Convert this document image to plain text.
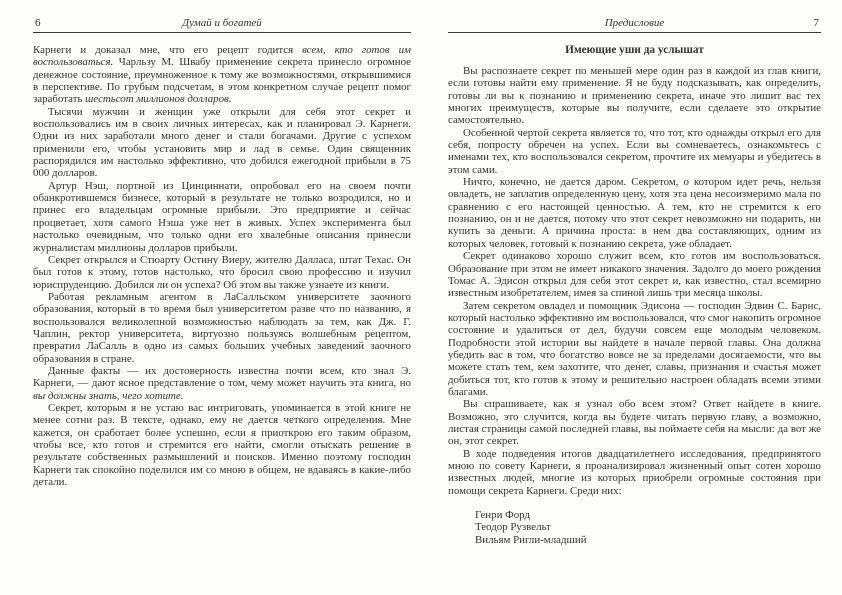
6	Думай и богатей

Карнеги и доказал мне, что его рецепт годится всем, кто готов им воспользоваться. Чарльзу М. Швабу применение секрета принесло огромное денежное состояние, преумноженное к тому же возможностями, открывшимися в перспективе. По грубым подсчетам, в этом конкретном случае рецепт помог заработать шестьсот миллионов долларов.

Тысячи мужчин и женщин уже открыли для себя этот секрет и воспользовались им в своих личных интересах, как и планировал Э. Карнеги. Одни из них заработали много денег и стали богачами. Другие с успехом применили его, чтобы установить мир и лад в семье. Один священник распорядился им настолько эффективно, что добился ежегодной прибыли в 75 000 долларов.

Артур Нэш, портной из Цинциннати, опробовал его на своем почти обанкротившемся бизнесе, который в результате не только возродился, но и принес его владельцам огромные прибыли. Это предприятие и сейчас процветает, хотя самого Нэша уже нет в живых. Успех эксперимента был настолько очевидным, что только одни его хвалебные описания принесли журналистам миллионы долларов прибыли.

Секрет открылся и Стюарту Остину Виеру, жителю Далласа, штат Техас. Он был готов к этому, готов настолько, что бросил свою профессию и изучил юриспруденцию. Добился ли он успеха? Об этом вы также узнаете из книги.

Работая рекламным агентом в ЛаСалльском университете заочного образования, который в то время был университетом разве что по названию, я воспользовался великолепной возможностью наблюдать за тем, как Дж. Г. Чаплин, ректор университета, виртуозно пользуясь волшебным рецептом, превратил ЛаСалль в одно из самых больших учебных заведений заочного образования в стране.

Данные факты — их достоверность известна почти всем, кто знал Э. Карнеги, — дают ясное представление о том, чему может научить эта книга, но вы должны знать, чего хотите.

Секрет, которым я не устаю вас интриговать, упоминается в этой книге не менее сотни раз. В тексте, однако, ему не дается четкого определения. Мне кажется, он сработает более успешно, если я приоткрою его таким образом, чтобы все, кто готов и стремится его найти, смогли отыскать решение в результате собственных размышлений и поисков. Именно поэтому господин Карнеги так спокойно поделился им со мною в общем, не вдаваясь в какие-либо детали.

Предисловие	7
Имеющие уши да услышат

Вы распознаете секрет по меньшей мере один раз в каждой из глав книги, если готовы найти ему применение. Я не буду подсказывать, как определить, готовы ли вы к познанию и применению секрета, иначе это лишит вас тех многих преимуществ, которые вы получите, если сделаете это открытие самостоятельно.

Особенной чертой секрета является то, что тот, кто однажды открыл его для себя, попросту обречен на успех. Если вы сомневаетесь, ознакомьтесь с именами тех, кто воспользовался секретом, прочтите их мемуары и убедитесь в этом сами.

Ничто, конечно, не дается даром. Секретом, о котором идет речь, нельзя овладеть, не заплатив определенную цену, хотя эта цена несоизмеримо мала по сравнению с его настоящей ценностью. А тем, кто не стремится к его познанию, он и не дается, потому что этот секрет невозможно ни подарить, ни купить за деньги. А причина проста: в нем два составляющих, одним из которых человек, готовый к познанию секрета, уже обладает.

Секрет одинаково хорошо служит всем, кто готов им воспользоваться. Образование при этом не имеет никакого значения. Задолго до моего рождения Томас А. Эдисон открыл для себя этот секрет и, как известно, стал всемирно известным изобретателем, имея за спиной лишь три месяца школы.

Затем секретом овладел и помощник Эдисона — господин Эдвин С. Барнс, который настолько эффективно им воспользовался, что смог накопить огромное состояние и удалиться от дел, будучи совсем еще молодым человеком. Подробности этой истории вы найдете в начале первой главы. Она должна убедить вас в том, что богатство вовсе не за пределами досягаемости, что вы можете стать тем, кем захотите, что денег, славы, признания и счастья может добиться тот, кто готов к этому и решительно настроен обладать всеми этими благами.

Вы спрашиваете, как я узнал обо всем этом? Ответ найдете в книге. Возможно, это случится, когда вы будете читать первую главу, а возможно, листая страницы самой последней главы, вы поймаете себя на мысли: да вот же он, этот секрет.

В ходе подведения итогов двадцатилетнего исследования, предпринятого мною по совету Карнеги, я проанализировал жизненный опыт сотен хорошо известных людей, многие из которых приобрели огромные состояния при помощи секрета Карнеги. Среди них:

Генри Форд

Теодор Рузвельт

Вильям Ригли-младший
